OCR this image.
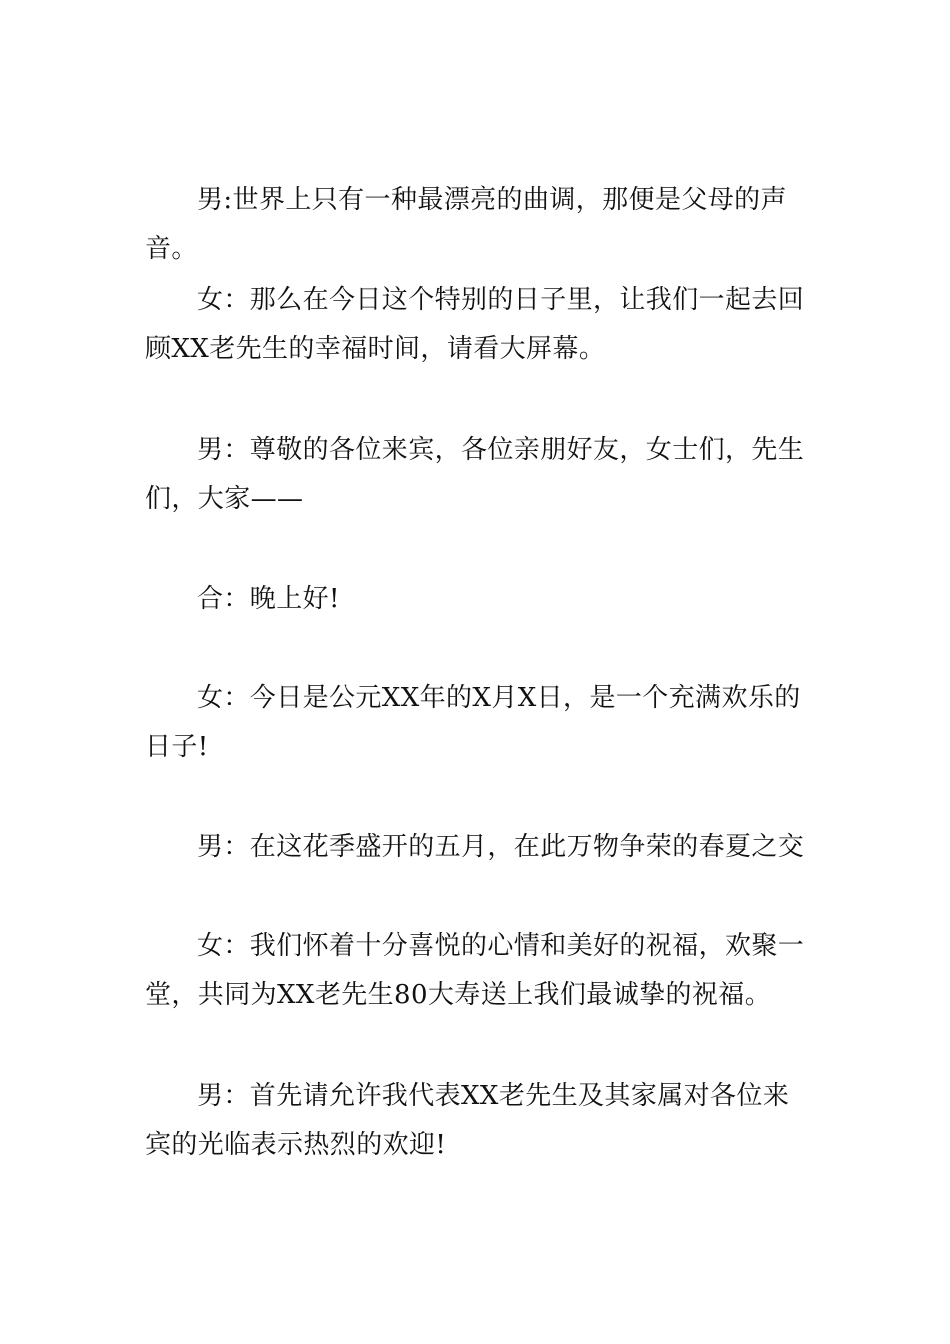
男:世界上只有一种最漂亮的曲调，那便是父母的声音。

女：那么在今日这个特别的日子里，让我们一起去回顾XX老先生的幸福时间，请看大屏幕。

男：尊敬的各位来宾，各位亲朋好友，女士们，先生们，大家——

合：晚上好!

女：今日是公元XX年的X月X日，是一个充满欢乐的日子!

男：在这花季盛开的五月，在此万物争荣的春夏之交

女：我们怀着十分喜悦的心情和美好的祝福，欢聚一堂，共同为XX老先生80大寿送上我们最诚挚的祝福。

男：首先请允许我代表XX老先生及其家属对各位来宾的光临表示热烈的欢迎!
